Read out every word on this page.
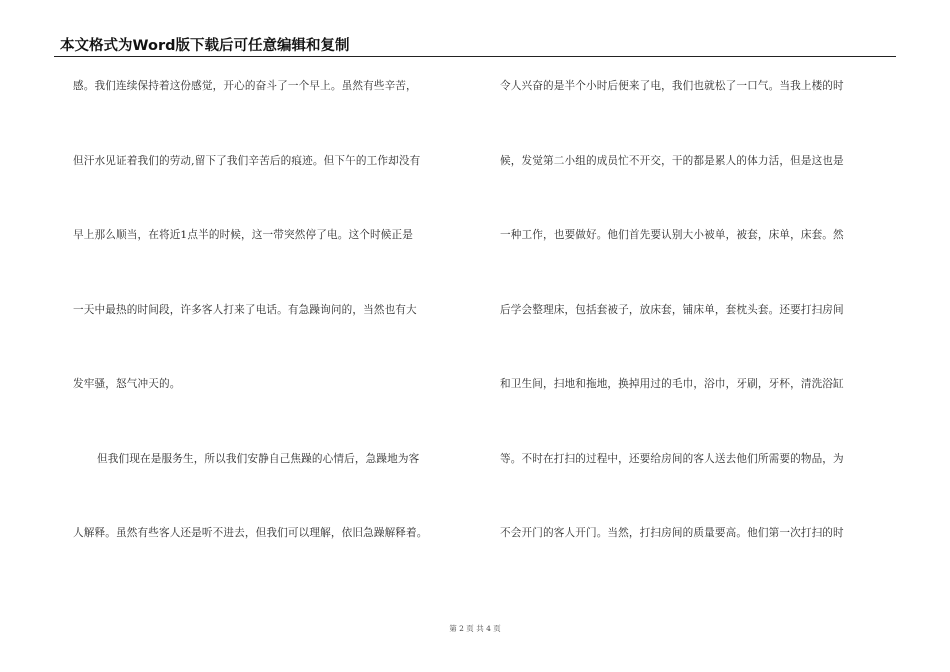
本文格式为Word版下载后可任意编辑和复制
感。我们连续保持着这份感觉，开心的奋斗了一个早上。虽然有些辛苦，
但汗水见证着我们的劳动,留下了我们辛苦后的痕迹。但下午的工作却没有
早上那么顺当，在将近1点半的时候，这一带突然停了电。这个时候正是
一天中最热的时间段，许多客人打来了电话。有急躁询问的，当然也有大
发牢骚，怒气冲天的。
但我们现在是服务生，所以我们安静自己焦躁的心情后，急躁地为客
人解释。虽然有些客人还是听不进去，但我们可以理解，依旧急躁解释着。
令人兴奋的是半个小时后便来了电，我们也就松了一口气。当我上楼的时
候，发觉第二小组的成员忙不开交，干的都是累人的体力活，但是这也是
一种工作，也要做好。他们首先要认别大小被单，被套，床单，床套。然
后学会整理床，包括套被子，放床套，铺床单，套枕头套。还要打扫房间
和卫生间，扫地和拖地，换掉用过的毛巾，浴巾，牙刷，牙杯，清洗浴缸
等。不时在打扫的过程中，还要给房间的客人送去他们所需要的物品，为
不会开门的客人开门。当然，打扫房间的质量要高。他们第一次打扫的时
第 2 页 共 4 页
